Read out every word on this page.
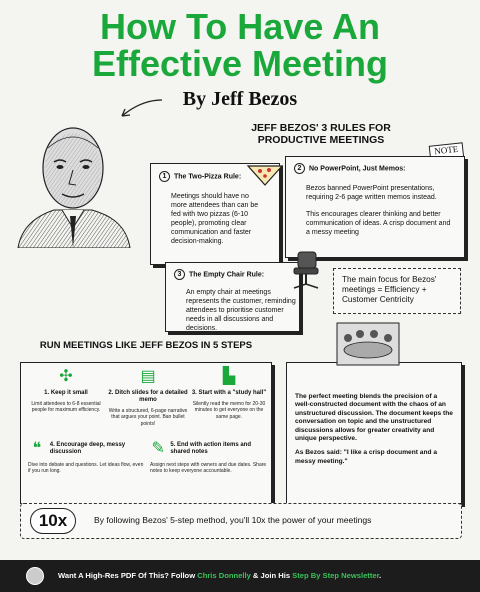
How To Have An
Effective Meeting
By Jeff Bezos
JEFF BEZOS' 3 RULES FOR
PRODUCTIVE MEETINGS
NOTE
1 The Two-Pizza Rule:
Meetings should have no more attendees than can be fed with two pizzas (6-10 people), promoting clear communication and faster decision-making.
2 No PowerPoint, Just Memos:
Bezos banned PowerPoint presentations, requiring 2-6 page written memos instead.
This encourages clearer thinking and better communication of ideas. A crisp document and a messy meeting
3 The Empty Chair Rule:
An empty chair at meetings represents the customer, reminding attendees to prioritise customer needs in all discussions and decisions.
The main focus for Bezos' meetings = Efficiency + Customer Centricity
RUN MEETINGS LIKE JEFF BEZOS IN 5 STEPS
✣
1. Keep it small
Limit attendees to 6-8 essential people for maximum efficiency.
▤
2. Ditch slides for a detailed memo
Write a structured, 6-page narrative that argues your point. Ban bullet points!
▙
3. Start with a "study hall"
Silently read the memo for 20-30 minutes to get everyone on the same page.
❝	4. Encourage deep, messy discussion
Dive into debate and questions. Let ideas flow, even if you run long.
✎ 5. End with action items and shared notes
Assign next steps with owners and due dates. Share notes to keep everyone accountable.
The perfect meeting blends the precision of a well-constructed document with the chaos of an unstructured discussion. The document keeps the conversation on topic and the unstructured discussions allows for greater creativity and unique perspective.
As Bezos said: "I like a crisp document and a messy meeting."
10x	By following Bezos' 5-step method, you'll 10x the power of your meetings
Want A High-Res PDF Of This? Follow Chris Donnelly & Join His Step By Step Newsletter.
